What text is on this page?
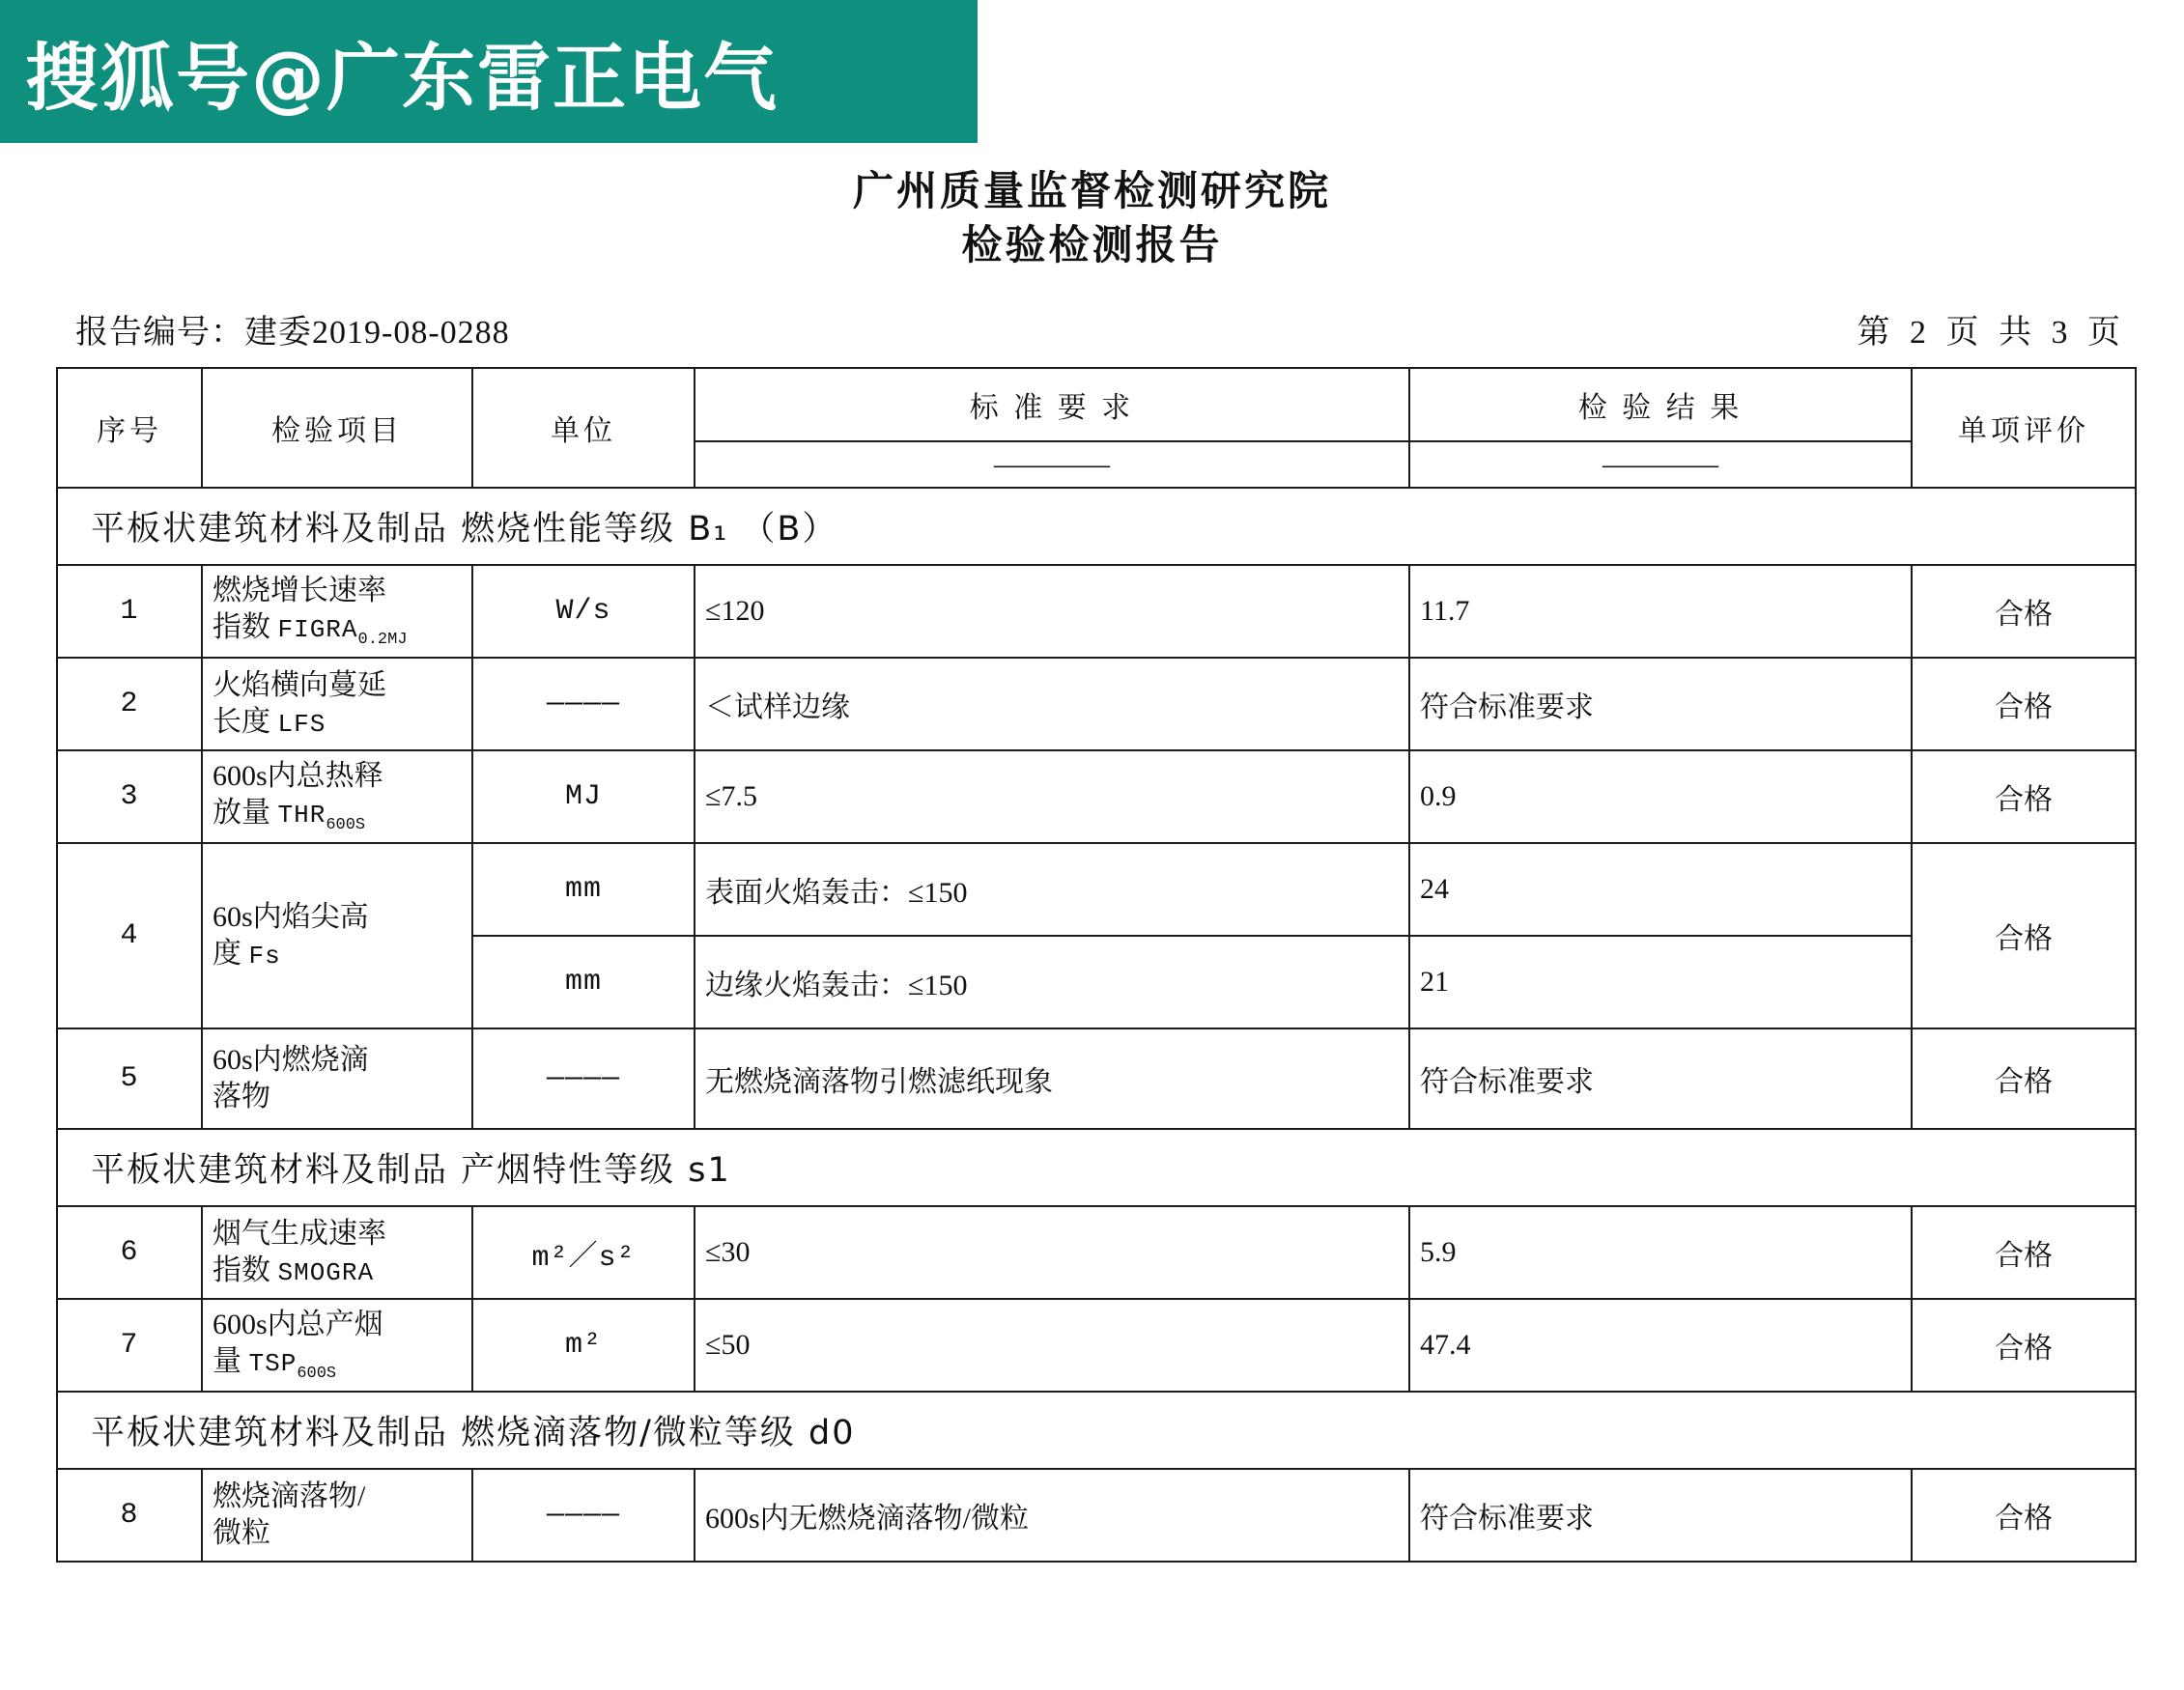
搜狐号@广东雷正电气
广州质量监督检测研究院
检验检测报告
报告编号：建委2019-08-0288	第 2 页 共 3 页
序号	检验项目	单位	标 准 要 求	检 验 结 果	单项评价
			————	————	
平板状建筑材料及制品 燃烧性能等级 B₁ （B）					
1	燃烧增长速率
指数 $FIGRA_{0.2MJ}$	W/s	≤120	11.7	合格
2	火焰横向蔓延
长度 LFS	————	＜试样边缘	符合标准要求	合格
3	600s内总热释
放量 $THR_{600S}$	MJ	≤7.5	0.9	合格
4	60s内焰尖高
度 Fs	mm	表面火焰轰击：≤150	24	合格
		mm	边缘火焰轰击：≤150	21	
5	60s内燃烧滴
落物	————	无燃烧滴落物引燃滤纸现象	符合标准要求	合格
平板状建筑材料及制品 产烟特性等级 s1					
6	烟气生成速率
指数 SMOGRA	m²／s²	≤30	5.9	合格
7	600s内总产烟
量 $TSP_{600S}$	m²	≤50	47.4	合格
平板状建筑材料及制品 燃烧滴落物/微粒等级 d0					
8	燃烧滴落物/
微粒	————	600s内无燃烧滴落物/微粒	符合标准要求	合格
